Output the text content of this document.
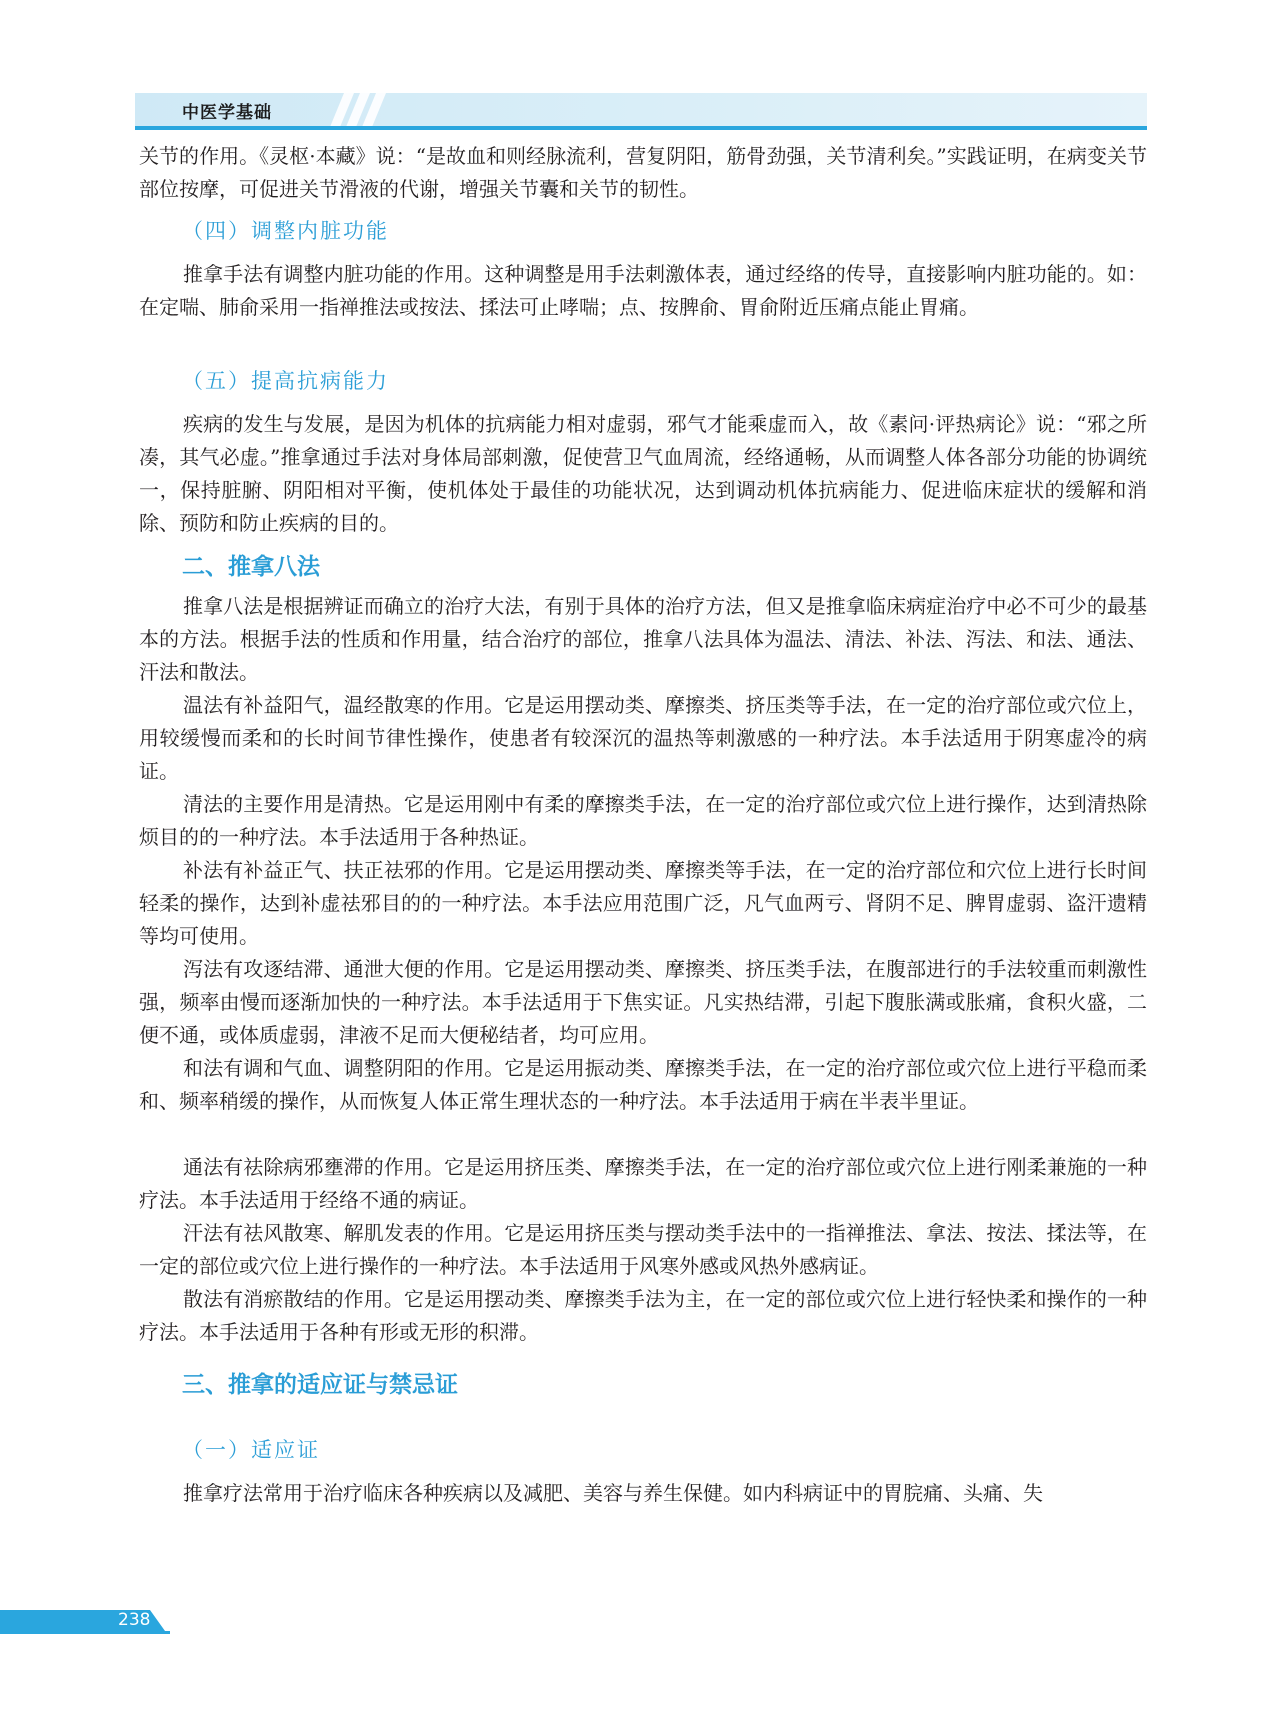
中医学基础

关节的作用。《灵枢·本藏》说：“是故血和则经脉流利，营复阴阳，筋骨劲强，关节清利矣。”实践证明，在病变关节部位按摩，可促进关节滑液的代谢，增强关节囊和关节的韧性。

（四）调整内脏功能

推拿手法有调整内脏功能的作用。这种调整是用手法刺激体表，通过经络的传导，直接影响内脏功能的。如：在定喘、肺俞采用一指禅推法或按法、揉法可止哮喘；点、按脾俞、胃俞附近压痛点能止胃痛。

（五）提高抗病能力

疾病的发生与发展，是因为机体的抗病能力相对虚弱，邪气才能乘虚而入，故《素问·评热病论》说：“邪之所凑，其气必虚。”推拿通过手法对身体局部刺激，促使营卫气血周流，经络通畅，从而调整人体各部分功能的协调统一，保持脏腑、阴阳相对平衡，使机体处于最佳的功能状况，达到调动机体抗病能力、促进临床症状的缓解和消除、预防和防止疾病的目的。

二、推拿八法

推拿八法是根据辨证而确立的治疗大法，有别于具体的治疗方法，但又是推拿临床病症治疗中必不可少的最基本的方法。根据手法的性质和作用量，结合治疗的部位，推拿八法具体为温法、清法、补法、泻法、和法、通法、汗法和散法。

温法有补益阳气，温经散寒的作用。它是运用摆动类、摩擦类、挤压类等手法，在一定的治疗部位或穴位上，用较缓慢而柔和的长时间节律性操作，使患者有较深沉的温热等刺激感的一种疗法。本手法适用于阴寒虚冷的病证。

清法的主要作用是清热。它是运用刚中有柔的摩擦类手法，在一定的治疗部位或穴位上进行操作，达到清热除烦目的的一种疗法。本手法适用于各种热证。

补法有补益正气、扶正祛邪的作用。它是运用摆动类、摩擦类等手法，在一定的治疗部位和穴位上进行长时间轻柔的操作，达到补虚祛邪目的的一种疗法。本手法应用范围广泛，凡气血两亏、肾阴不足、脾胃虚弱、盗汗遗精等均可使用。

泻法有攻逐结滞、通泄大便的作用。它是运用摆动类、摩擦类、挤压类手法，在腹部进行的手法较重而刺激性强，频率由慢而逐渐加快的一种疗法。本手法适用于下焦实证。凡实热结滞，引起下腹胀满或胀痛，食积火盛，二便不通，或体质虚弱，津液不足而大便秘结者，均可应用。

和法有调和气血、调整阴阳的作用。它是运用振动类、摩擦类手法，在一定的治疗部位或穴位上进行平稳而柔和、频率稍缓的操作，从而恢复人体正常生理状态的一种疗法。本手法适用于病在半表半里证。

通法有祛除病邪壅滞的作用。它是运用挤压类、摩擦类手法，在一定的治疗部位或穴位上进行刚柔兼施的一种疗法。本手法适用于经络不通的病证。

汗法有祛风散寒、解肌发表的作用。它是运用挤压类与摆动类手法中的一指禅推法、拿法、按法、揉法等，在一定的部位或穴位上进行操作的一种疗法。本手法适用于风寒外感或风热外感病证。

散法有消瘀散结的作用。它是运用摆动类、摩擦类手法为主，在一定的部位或穴位上进行轻快柔和操作的一种疗法。本手法适用于各种有形或无形的积滞。

三、推拿的适应证与禁忌证

（一）适应证

推拿疗法常用于治疗临床各种疾病以及减肥、美容与养生保健。如内科病证中的胃脘痛、头痛、失

238
